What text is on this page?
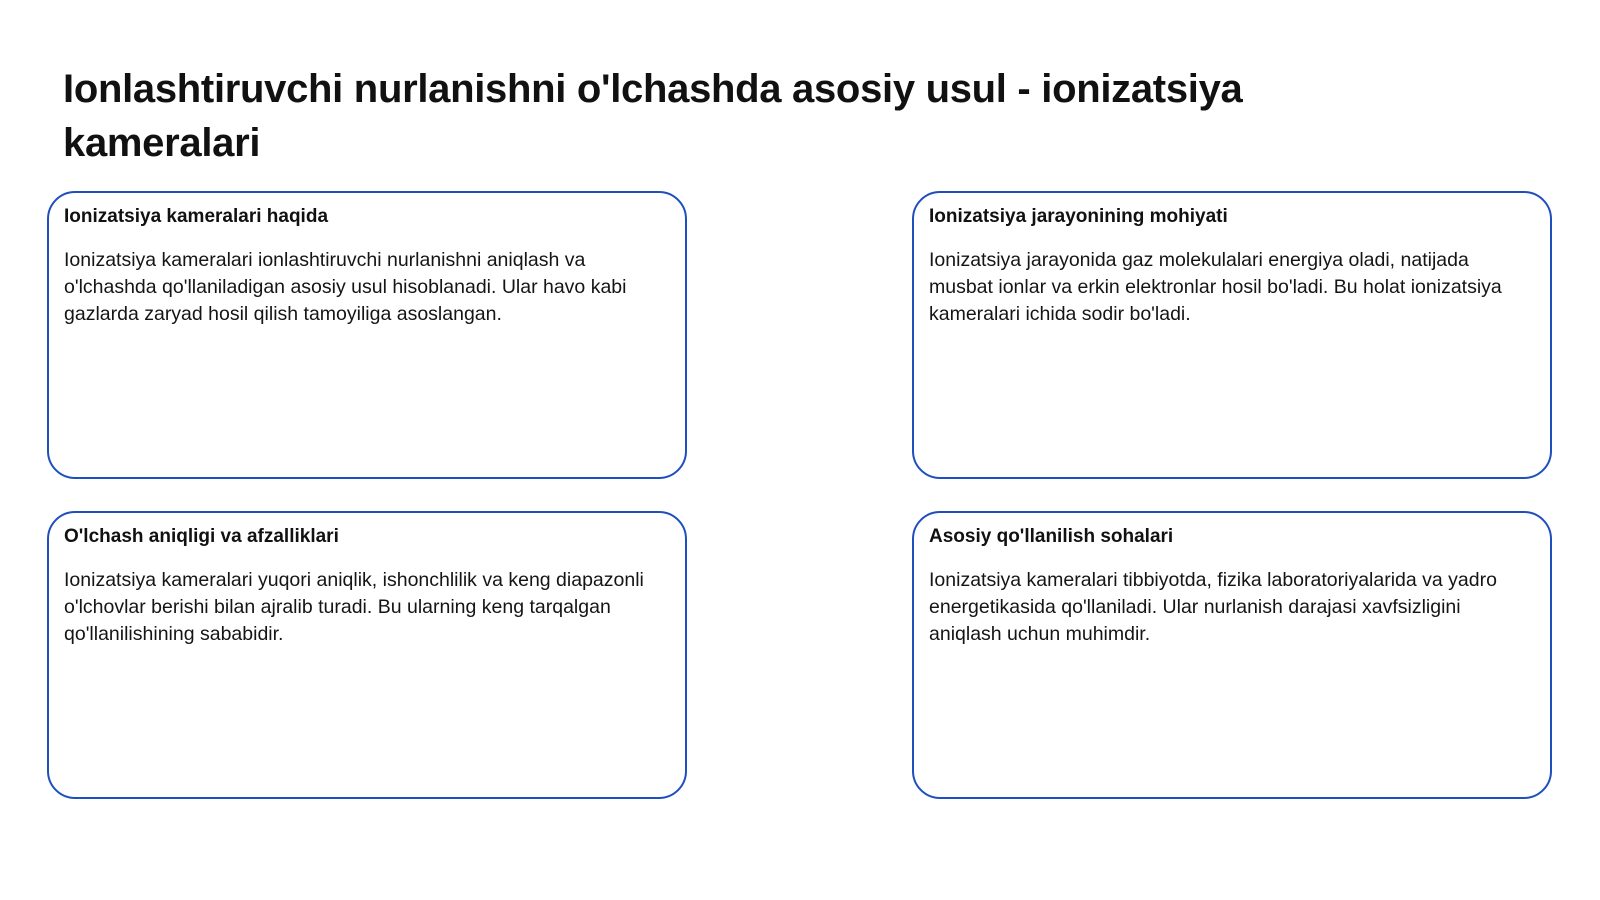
Ionlashtiruvchi nurlanishni o'lchashda asosiy usul - ionizatsiya kameralari
Ionizatsiya kameralari haqida

Ionizatsiya kameralari ionlashtiruvchi nurlanishni aniqlash va o'lchashda qo'llaniladigan asosiy usul hisoblanadi. Ular havo kabi gazlarda zaryad hosil qilish tamoyiliga asoslangan.

Ionizatsiya jarayonining mohiyati

Ionizatsiya jarayonida gaz molekulalari energiya oladi, natijada musbat ionlar va erkin elektronlar hosil bo'ladi. Bu holat ionizatsiya kameralari ichida sodir bo'ladi.

O'lchash aniqligi va afzalliklari

Ionizatsiya kameralari yuqori aniqlik, ishonchlilik va keng diapazonli o'lchovlar berishi bilan ajralib turadi. Bu ularning keng tarqalgan qo'llanilishining sababidir.

Asosiy qo'llanilish sohalari

Ionizatsiya kameralari tibbiyotda, fizika laboratoriyalarida va yadro energetikasida qo'llaniladi. Ular nurlanish darajasi xavfsizligini aniqlash uchun muhimdir.
